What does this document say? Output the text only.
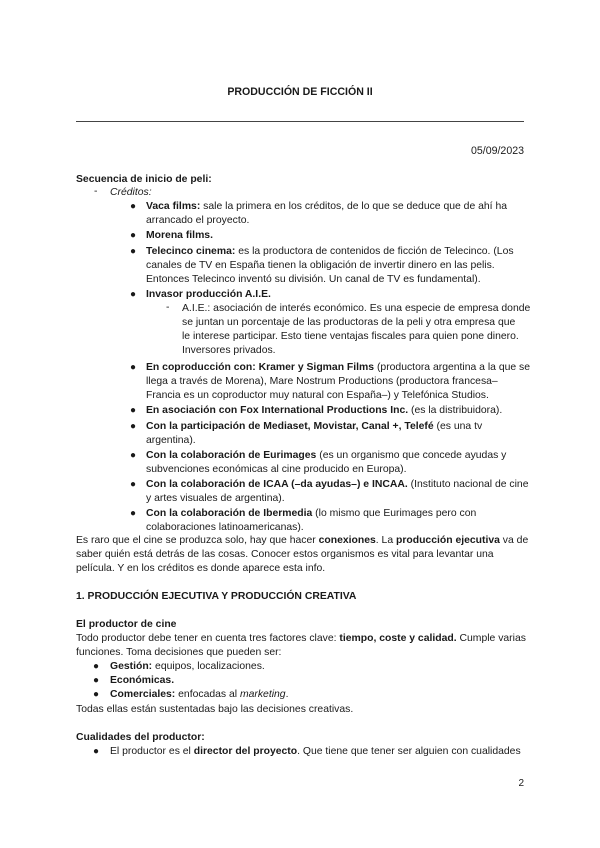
PRODUCCIÓN DE FICCIÓN II
05/09/2023
Secuencia de inicio de peli:
- Créditos:
● Vaca films: sale la primera en los créditos, de lo que se deduce que de ahí ha
arrancado el proyecto.
● Morena films.
● Telecinco cinema: es la productora de contenidos de ficción de Telecinco. (Los
canales de TV en España tienen la obligación de invertir dinero en las pelis.
Entonces Telecinco inventó su división. Un canal de TV es fundamental).
● Invasor producción A.I.E.
- A.I.E.: asociación de interés económico. Es una especie de empresa donde
se juntan un porcentaje de las productoras de la peli y otra empresa que
le interese participar. Esto tiene ventajas fiscales para quien pone dinero.
Inversores privados.
● En coproducción con: Kramer y Sigman Films (productora argentina a la que se
llega a través de Morena), Mare Nostrum Productions (productora francesa–
Francia es un coproductor muy natural con España–) y Telefónica Studios.
● En asociación con Fox International Productions Inc. (es la distribuidora).
● Con la participación de Mediaset, Movistar, Canal +, Telefé (es una tv
argentina).
● Con la colaboración de Eurimages (es un organismo que concede ayudas y
subvenciones económicas al cine producido en Europa).
● Con la colaboración de ICAA (–da ayudas–) e INCAA. (Instituto nacional de cine
y artes visuales de argentina).
● Con la colaboración de Ibermedia (lo mismo que Eurimages pero con
colaboraciones latinoamericanas).
Es raro que el cine se produzca solo, hay que hacer conexiones. La producción ejecutiva va de
saber quién está detrás de las cosas. Conocer estos organismos es vital para levantar una
película. Y en los créditos es donde aparece esta info.
1. PRODUCCIÓN EJECUTIVA Y PRODUCCIÓN CREATIVA
El productor de cine
Todo productor debe tener en cuenta tres factores clave: tiempo, coste y calidad. Cumple varias
funciones. Toma decisiones que pueden ser:
● Gestión: equipos, localizaciones.
● Económicas.
● Comerciales: enfocadas al marketing.
Todas ellas están sustentadas bajo las decisiones creativas.
Cualidades del productor:
● El productor es el director del proyecto. Que tiene que tener ser alguien con cualidades
2
